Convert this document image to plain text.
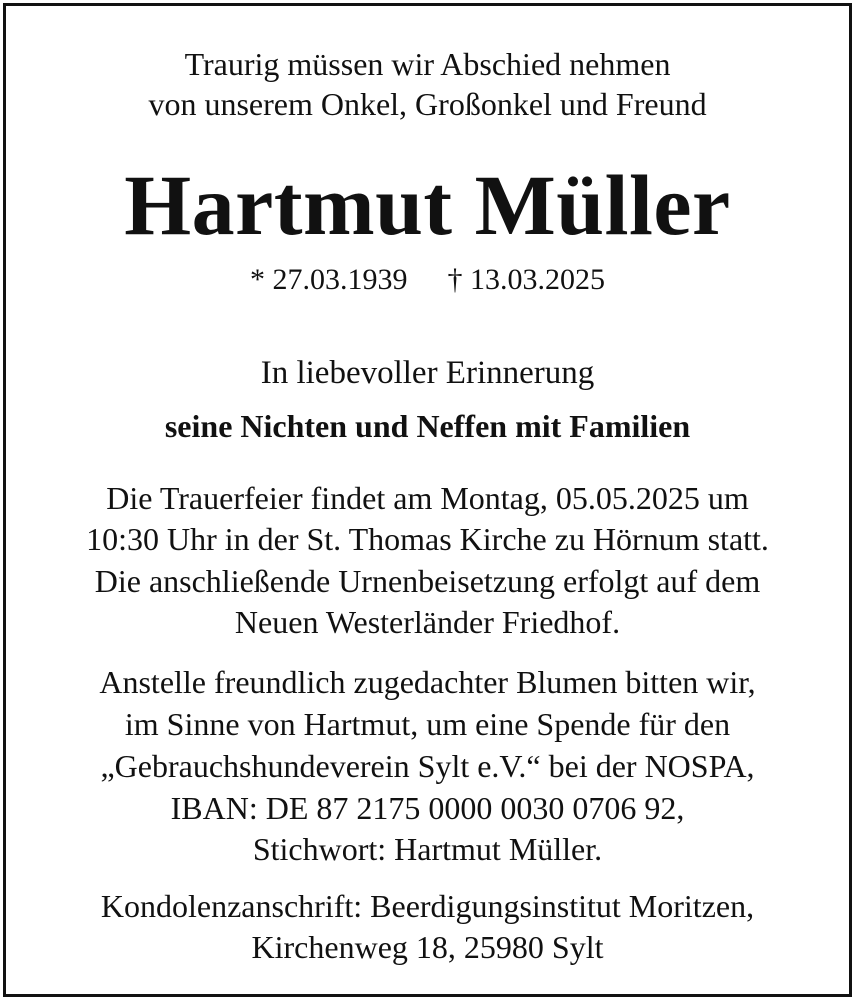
Traurig müssen wir Abschied nehmen
von unserem Onkel, Großonkel und Freund
Hartmut Müller
* 27.03.1939 † 13.03.2025
In liebevoller Erinnerung
seine Nichten und Neffen mit Familien
Die Trauerfeier findet am Montag, 05.05.2025 um
10:30 Uhr in der St. Thomas Kirche zu Hörnum statt.
Die anschließende Urnenbeisetzung erfolgt auf dem
Neuen Westerländer Friedhof.
Anstelle freundlich zugedachter Blumen bitten wir,
im Sinne von Hartmut, um eine Spende für den
„Gebrauchshundeverein Sylt e.V.“ bei der NOSPA,
IBAN: DE 87 2175 0000 0030 0706 92,
Stichwort: Hartmut Müller.
Kondolenzanschrift: Beerdigungsinstitut Moritzen,
Kirchenweg 18, 25980 Sylt
